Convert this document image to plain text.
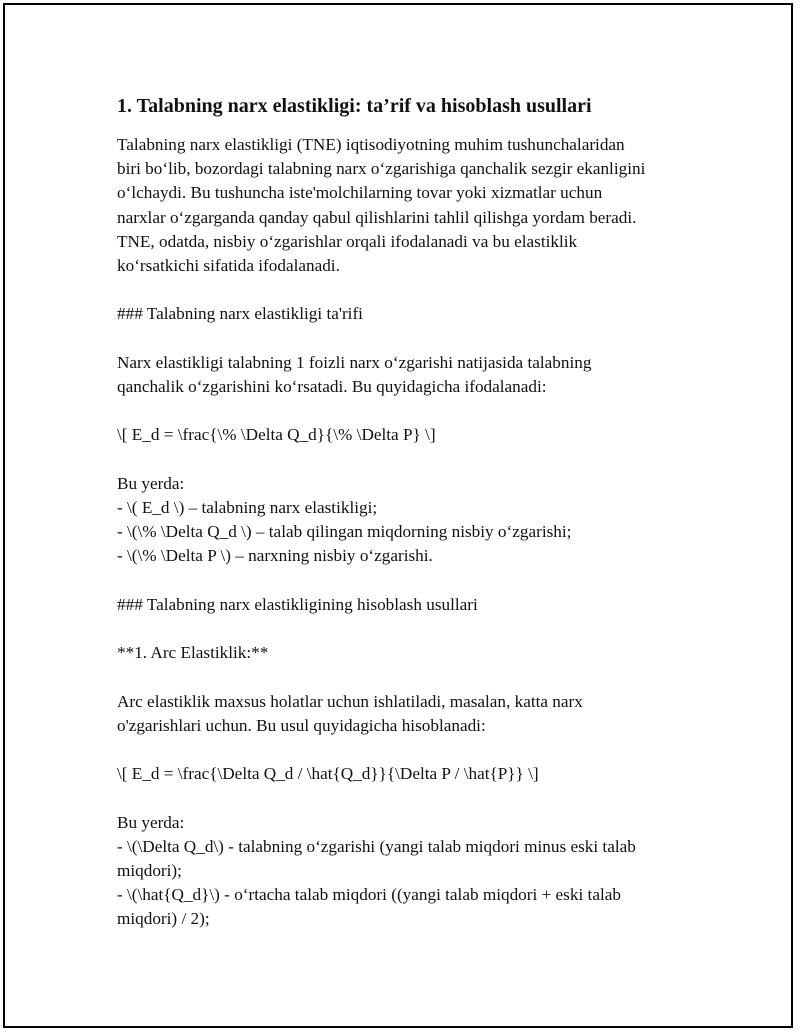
1. Talabning narx elastikligi: ta’rif va hisoblash usullari
Talabning narx elastikligi (TNE) iqtisodiyotning muhim tushunchalaridan
biri bo‘lib, bozordagi talabning narx o‘zgarishiga qanchalik sezgir ekanligini
o‘lchaydi. Bu tushuncha iste'molchilarning tovar yoki xizmatlar uchun
narxlar o‘zgarganda qanday qabul qilishlarini tahlil qilishga yordam beradi.
TNE, odatda, nisbiy o‘zgarishlar orqali ifodalanadi va bu elastiklik
ko‘rsatkichi sifatida ifodalanadi.
### Talabning narx elastikligi ta'rifi
Narx elastikligi talabning 1 foizli narx o‘zgarishi natijasida talabning
qanchalik o‘zgarishini ko‘rsatadi. Bu quyidagicha ifodalanadi:
\[ E_d = \frac{\% \Delta Q_d}{\% \Delta P} \]
Bu yerda:
- \( E_d \) – talabning narx elastikligi;
- \(\% \Delta Q_d \) – talab qilingan miqdorning nisbiy o‘zgarishi;
- \(\% \Delta P \) – narxning nisbiy o‘zgarishi.
### Talabning narx elastikligining hisoblash usullari
**1. Arc Elastiklik:**
Arc elastiklik maxsus holatlar uchun ishlatiladi, masalan, katta narx
o'zgarishlari uchun. Bu usul quyidagicha hisoblanadi:
\[ E_d = \frac{\Delta Q_d / \hat{Q_d}}{\Delta P / \hat{P}} \]
Bu yerda:
- \(\Delta Q_d\) - talabning o‘zgarishi (yangi talab miqdori minus eski talab
miqdori);
- \(\hat{Q_d}\) - o‘rtacha talab miqdori ((yangi talab miqdori + eski talab
miqdori) / 2);
